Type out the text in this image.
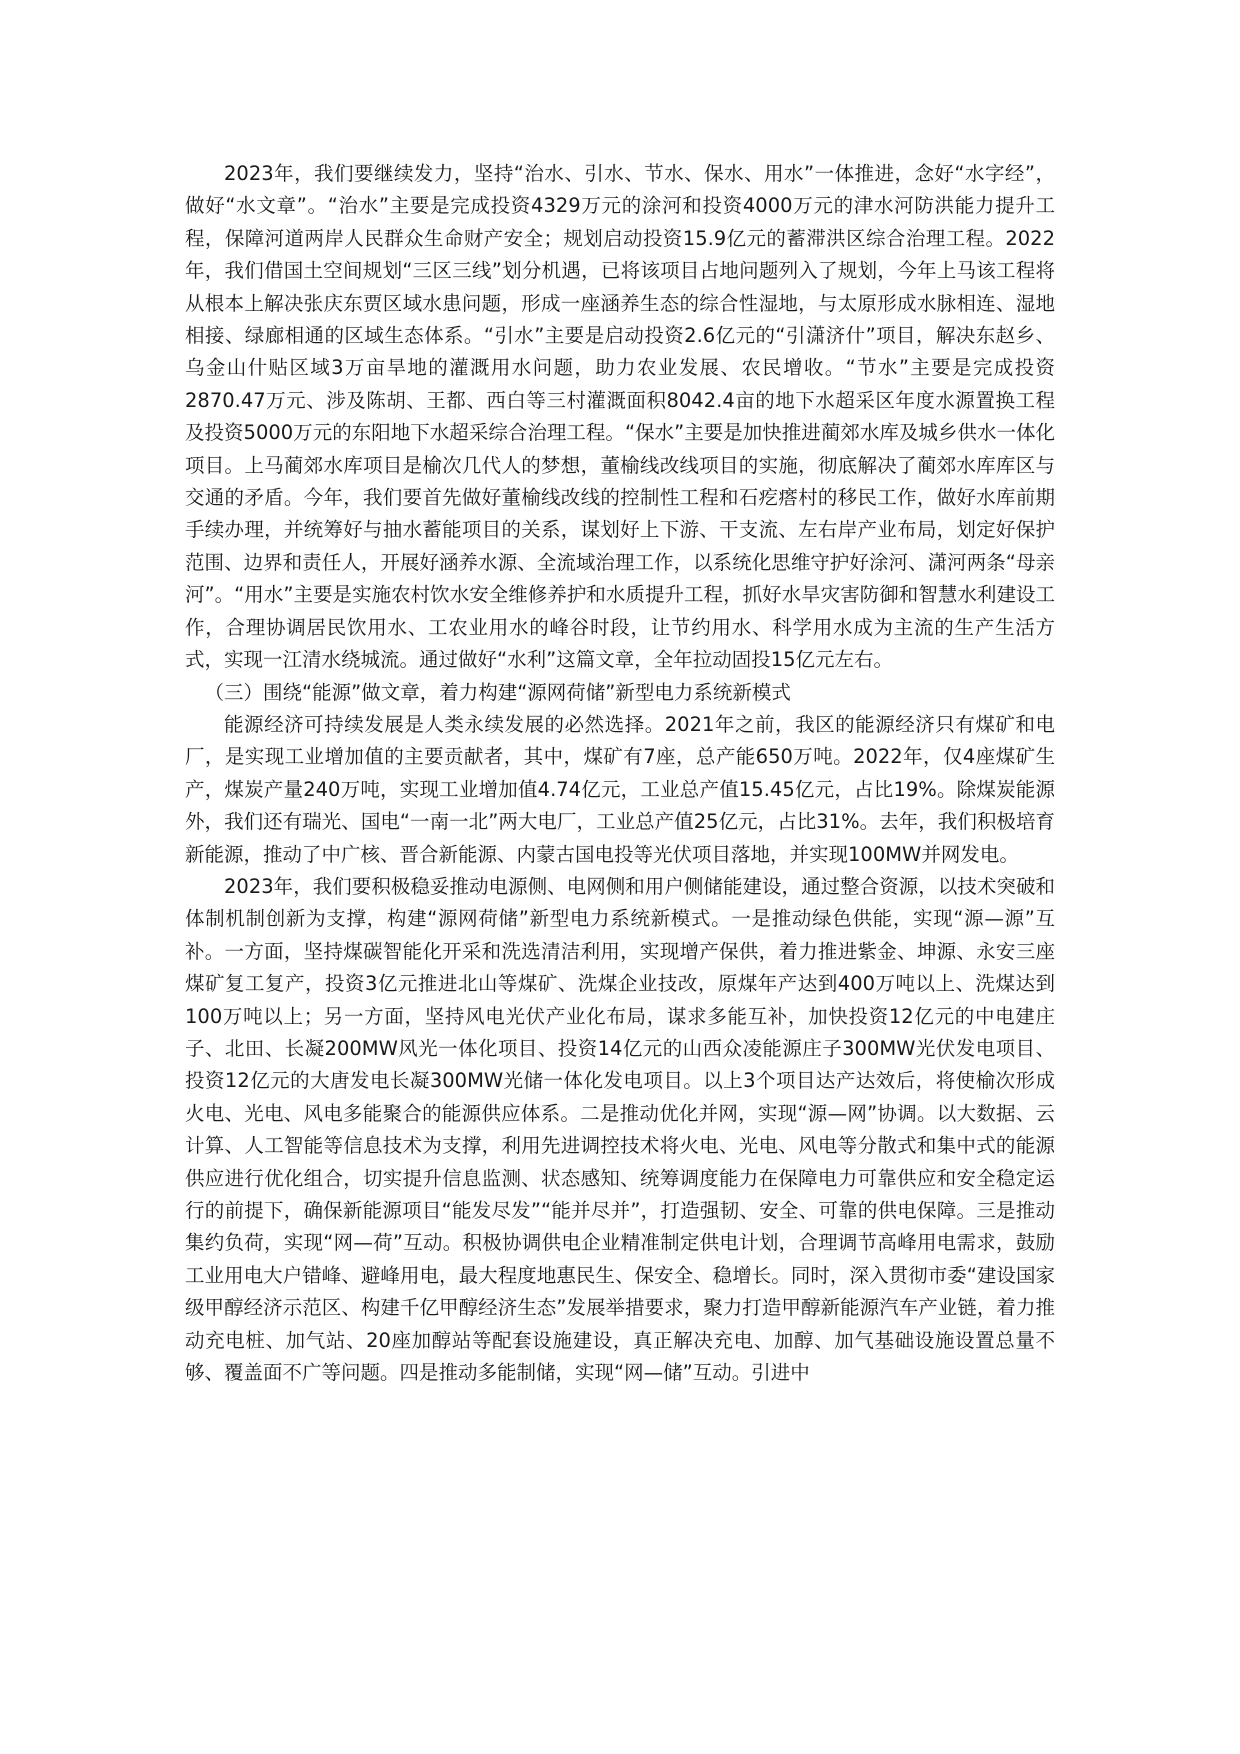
2023年，我们要继续发力，坚持“治水、引水、节水、保水、用水”一体推进，念好“水字经”，做好“水文章”。“治水”主要是完成投资4329万元的涂河和投资4000万元的津水河防洪能力提升工程，保障河道两岸人民群众生命财产安全；规划启动投资15.9亿元的蓄滞洪区综合治理工程。2022年，我们借国土空间规划“三区三线”划分机遇，已将该项目占地问题列入了规划，今年上马该工程将从根本上解决张庆东贾区域水患问题，形成一座涵养生态的综合性湿地，与太原形成水脉相连、湿地相接、绿廊相通的区域生态体系。“引水”主要是启动投资2.6亿元的“引潇济什”项目，解决东赵乡、乌金山什贴区域3万亩旱地的灌溉用水问题，助力农业发展、农民增收。“节水”主要是完成投资2870.47万元、涉及陈胡、王都、西白等三村灌溉面积8042.4亩的地下水超采区年度水源置换工程及投资5000万元的东阳地下水超采综合治理工程。“保水”主要是加快推进蔺郊水库及城乡供水一体化项目。上马蔺郊水库项目是榆次几代人的梦想，董榆线改线项目的实施，彻底解决了蔺郊水库库区与交通的矛盾。今年，我们要首先做好董榆线改线的控制性工程和石疙瘩村的移民工作，做好水库前期手续办理，并统筹好与抽水蓄能项目的关系，谋划好上下游、干支流、左右岸产业布局，划定好保护范围、边界和责任人，开展好涵养水源、全流域治理工作，以系统化思维守护好涂河、潇河两条“母亲河”。“用水”主要是实施农村饮水安全维修养护和水质提升工程，抓好水旱灾害防御和智慧水利建设工作，合理协调居民饮用水、工农业用水的峰谷时段，让节约用水、科学用水成为主流的生产生活方式，实现一江清水绕城流。通过做好“水利”这篇文章，全年拉动固投15亿元左右。

（三）围绕“能源”做文章，着力构建“源网荷储”新型电力系统新模式

能源经济可持续发展是人类永续发展的必然选择。2021年之前，我区的能源经济只有煤矿和电厂，是实现工业增加值的主要贡献者，其中，煤矿有7座，总产能650万吨。2022年，仅4座煤矿生产，煤炭产量240万吨，实现工业增加值4.74亿元，工业总产值15.45亿元，占比19%。除煤炭能源外，我们还有瑞光、国电“一南一北”两大电厂，工业总产值25亿元，占比31%。去年，我们积极培育新能源，推动了中广核、晋合新能源、内蒙古国电投等光伏项目落地，并实现100MW并网发电。

2023年，我们要积极稳妥推动电源侧、电网侧和用户侧储能建设，通过整合资源，以技术突破和体制机制创新为支撑，构建“源网荷储”新型电力系统新模式。一是推动绿色供能，实现“源—源”互补。一方面，坚持煤碳智能化开采和洗选清洁利用，实现增产保供，着力推进紫金、坤源、永安三座煤矿复工复产，投资3亿元推进北山等煤矿、洗煤企业技改，原煤年产达到400万吨以上、洗煤达到100万吨以上；另一方面，坚持风电光伏产业化布局，谋求多能互补，加快投资12亿元的中电建庄子、北田、长凝200MW风光一体化项目、投资14亿元的山西众凌能源庄子300MW光伏发电项目、投资12亿元的大唐发电长凝300MW光储一体化发电项目。以上3个项目达产达效后，将使榆次形成火电、光电、风电多能聚合的能源供应体系。二是推动优化并网，实现“源—网”协调。以大数据、云计算、人工智能等信息技术为支撑，利用先进调控技术将火电、光电、风电等分散式和集中式的能源供应进行优化组合，切实提升信息监测、状态感知、统筹调度能力在保障电力可靠供应和安全稳定运行的前提下，确保新能源项目“能发尽发”“能并尽并”，打造强韧、安全、可靠的供电保障。三是推动集约负荷，实现“网—荷”互动。积极协调供电企业精准制定供电计划，合理调节高峰用电需求，鼓励工业用电大户错峰、避峰用电，最大程度地惠民生、保安全、稳增长。同时，深入贯彻市委“建设国家级甲醇经济示范区、构建千亿甲醇经济生态”发展举措要求，聚力打造甲醇新能源汽车产业链，着力推动充电桩、加气站、20座加醇站等配套设施建设，真正解决充电、加醇、加气基础设施设置总量不够、覆盖面不广等问题。四是推动多能制储，实现“网—储”互动。引进中
